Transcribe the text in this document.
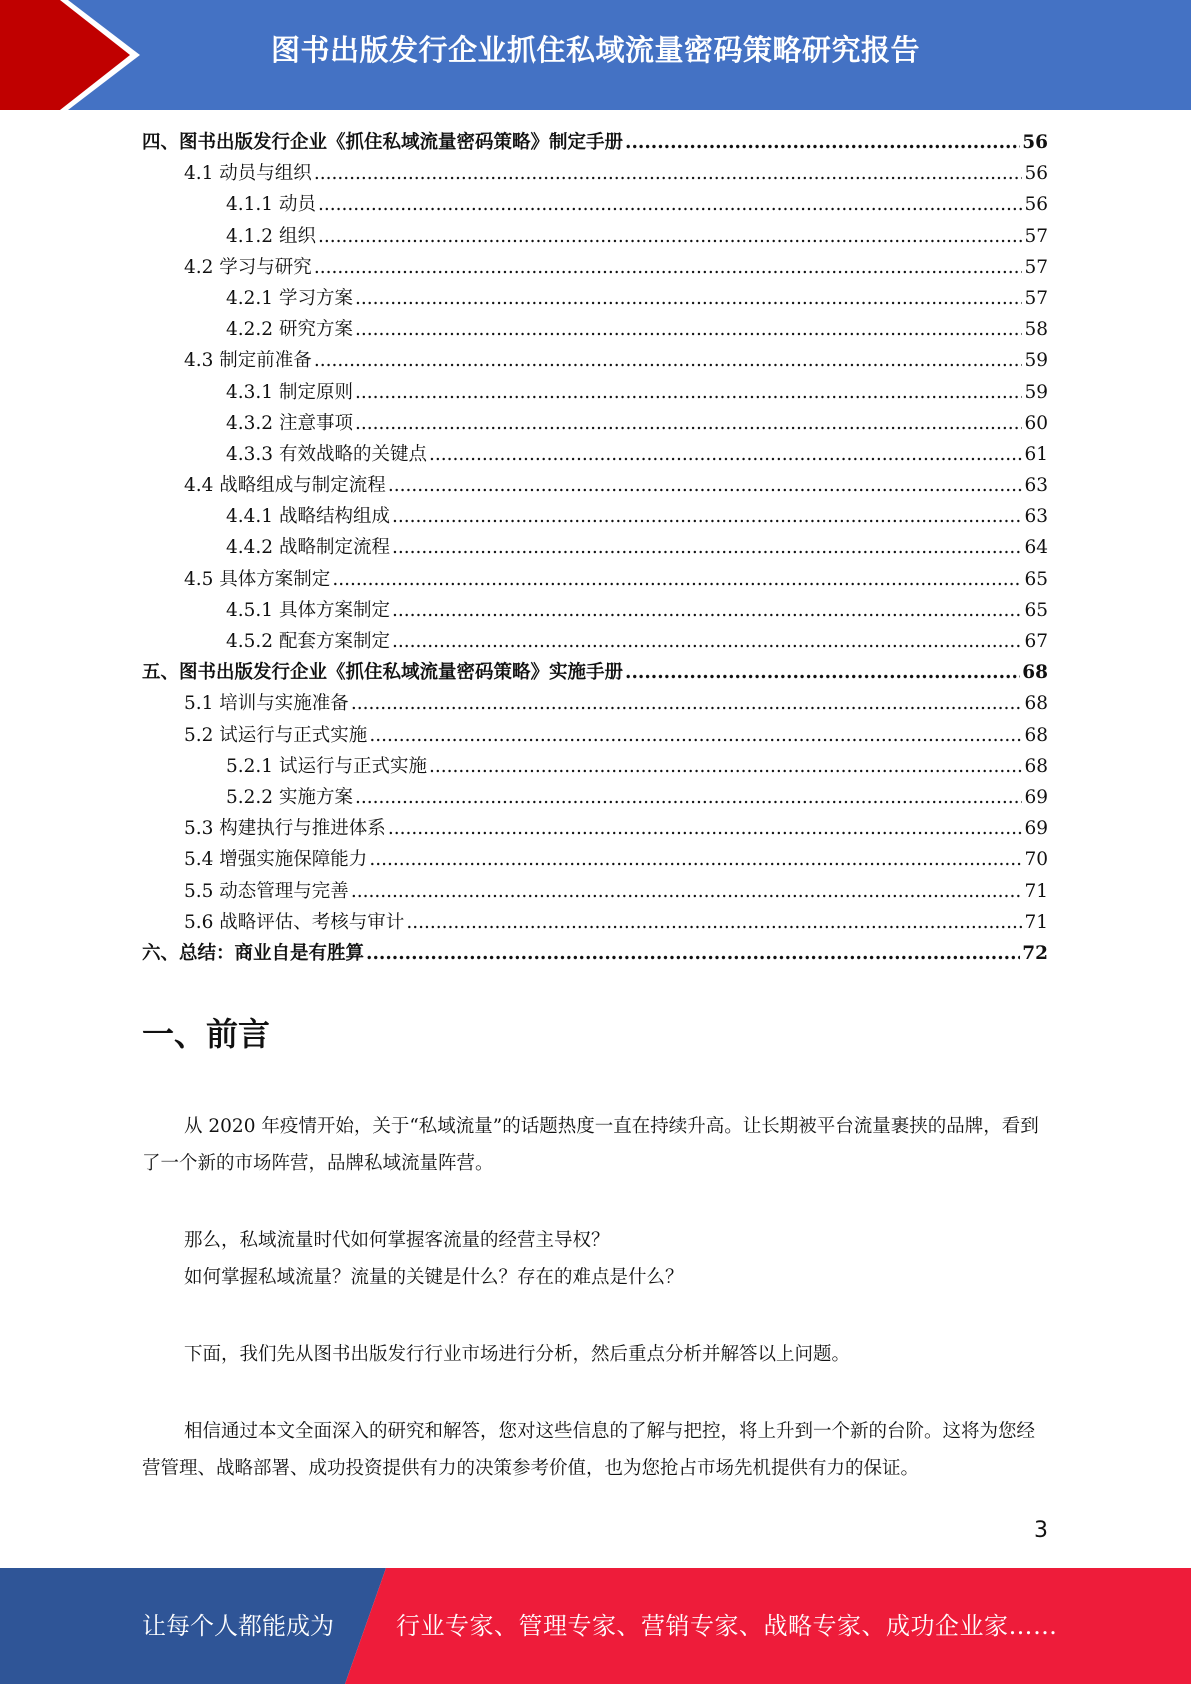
图书出版发行企业抓住私域流量密码策略研究报告
四、图书出版发行企业《抓住私域流量密码策略》制定手册 .....	56
4.1 动员与组织 .....	56
4.1.1 动员 .....	56
4.1.2 组织 .....	57
4.2 学习与研究 .....	57
4.2.1 学习方案 .....	57
4.2.2 研究方案 .....	58
4.3 制定前准备 .....	59
4.3.1 制定原则 .....	59
4.3.2 注意事项 .....	60
4.3.3 有效战略的关键点 .....	61
4.4 战略组成与制定流程 .....	63
4.4.1 战略结构组成 .....	63
4.4.2 战略制定流程 .....	64
4.5 具体方案制定 .....	65
4.5.1 具体方案制定 .....	65
4.5.2 配套方案制定 .....	67
五、图书出版发行企业《抓住私域流量密码策略》实施手册 .....	68
5.1 培训与实施准备 .....	68
5.2 试运行与正式实施 .....	68
5.2.1 试运行与正式实施 .....	68
5.2.2 实施方案 .....	69
5.3 构建执行与推进体系 .....	69
5.4 增强实施保障能力 .....	70
5.5 动态管理与完善 .....	71
5.6 战略评估、考核与审计 .....	71
六、总结：商业自是有胜算 .....	72
一、前言
从 2020 年疫情开始，关于“私域流量”的话题热度一直在持续升高。让长期被平台流量裹挟的品牌，看到了一个新的市场阵营，品牌私域流量阵营。
那么，私域流量时代如何掌握客流量的经营主导权？
如何掌握私域流量？流量的关键是什么？存在的难点是什么？
下面，我们先从图书出版发行行业市场进行分析，然后重点分析并解答以上问题。
相信通过本文全面深入的研究和解答，您对这些信息的了解与把控，将上升到一个新的台阶。这将为您经营管理、战略部署、成功投资提供有力的决策参考价值，也为您抢占市场先机提供有力的保证。
3
让每个人都能成为	行业专家、管理专家、营销专家、战略专家、成功企业家……
